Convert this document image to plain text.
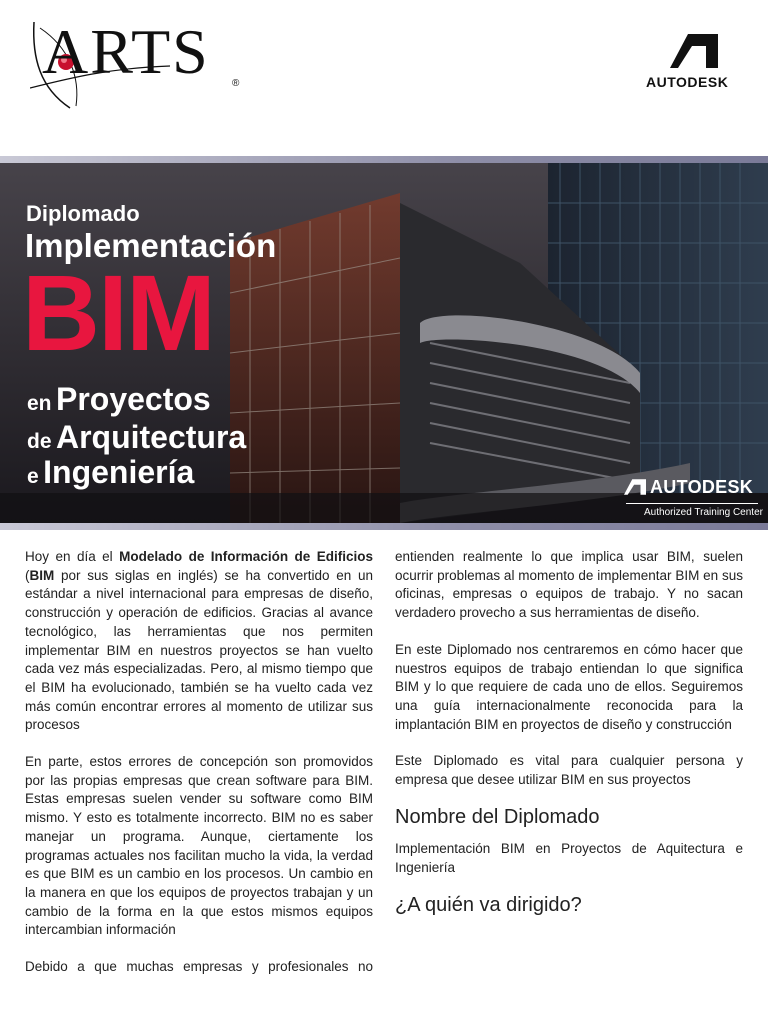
ARTS ®	AUTODESK
Diplomado
Implementación
BIM
en Proyectos
de Arquitectura
e Ingeniería	AUTODESK
Authorized Training Center

Hoy en día el Modelado de Información de Edificios (BIM por sus siglas en inglés) se ha convertido en un estándar a nivel internacional para empresas de diseño, construcción y operación de edificios. Gracias al avance tecnológico, las herramientas que nos permiten implementar BIM en nuestros proyectos se han vuelto cada vez más especializadas. Pero, al mismo tiempo que el BIM ha evolucionado, también se ha vuelto cada vez más común encontrar errores al momento de utilizar sus procesos

En parte, estos errores de concepción son promovidos por las propias empresas que crean software para BIM. Estas empresas suelen vender su software como BIM mismo. Y esto es totalmente incorrecto. BIM no es saber manejar un programa. Aunque, ciertamente los programas actuales nos facilitan mucho la vida, la verdad es que BIM es un cambio en los procesos. Un cambio en la manera en que los equipos de proyectos trabajan y un cambio de la forma en la que estos mismos equipos intercambian información

Debido a que muchas empresas y profesionales no

entienden realmente lo que implica usar BIM, suelen ocurrir problemas al momento de implementar BIM en sus oficinas, empresas o equipos de trabajo. Y no sacan verdadero provecho a sus herramientas de diseño.

En este Diplomado nos centraremos en cómo hacer que nuestros equipos de trabajo entiendan lo que significa BIM y lo que requiere de cada uno de ellos. Seguiremos una guía internacionalmente reconocida para la implantación BIM en proyectos de diseño y construcción

Este Diplomado es vital para cualquier persona y empresa que desee utilizar BIM en sus proyectos

Nombre del Diplomado

Implementación BIM en Proyectos de Aquitectura e Ingeniería

¿A quién va dirigido?
